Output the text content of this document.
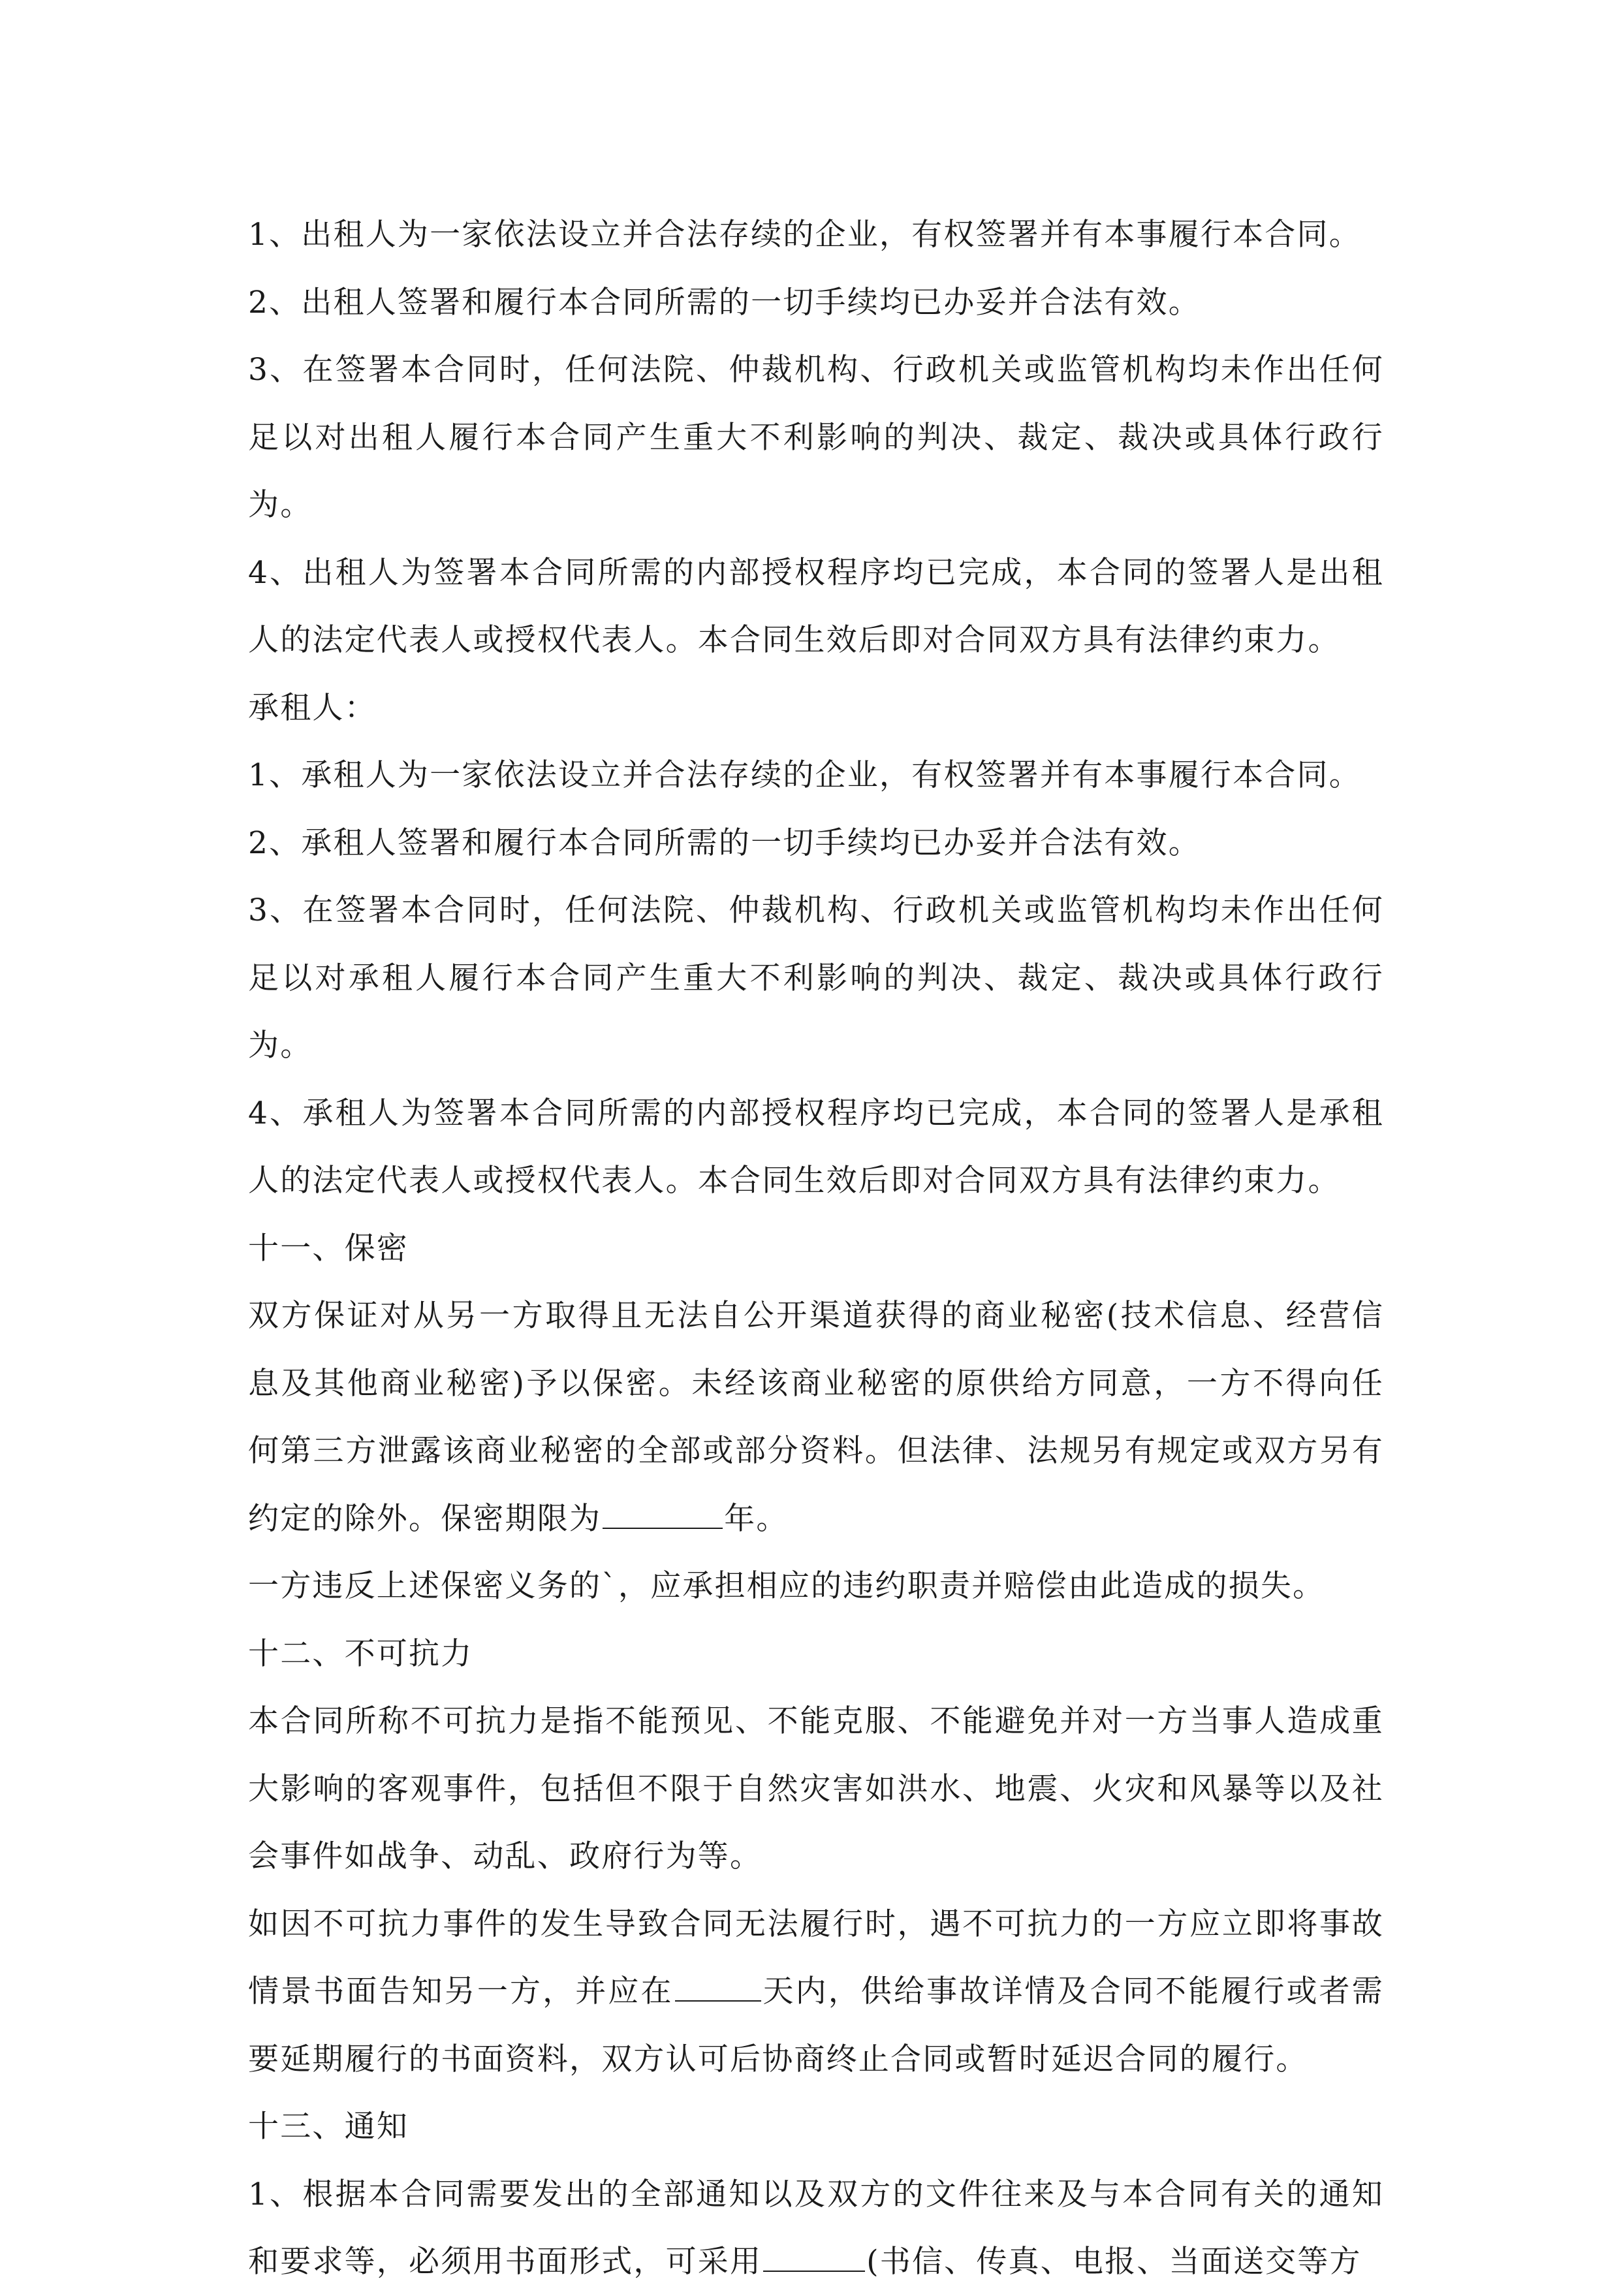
1、出租人为一家依法设立并合法存续的企业，有权签署并有本事履行本合同。

2、出租人签署和履行本合同所需的一切手续均已办妥并合法有效。

3、在签署本合同时，任何法院、仲裁机构、行政机关或监管机构均未作出任何足以对出租人履行本合同产生重大不利影响的判决、裁定、裁决或具体行政行为。

4、出租人为签署本合同所需的内部授权程序均已完成，本合同的签署人是出租人的法定代表人或授权代表人。本合同生效后即对合同双方具有法律约束力。

承租人：

1、承租人为一家依法设立并合法存续的企业，有权签署并有本事履行本合同。

2、承租人签署和履行本合同所需的一切手续均已办妥并合法有效。

3、在签署本合同时，任何法院、仲裁机构、行政机关或监管机构均未作出任何足以对承租人履行本合同产生重大不利影响的判决、裁定、裁决或具体行政行为。

4、承租人为签署本合同所需的内部授权程序均已完成，本合同的签署人是承租人的法定代表人或授权代表人。本合同生效后即对合同双方具有法律约束力。

十一、保密

双方保证对从另一方取得且无法自公开渠道获得的商业秘密(技术信息、经营信息及其他商业秘密)予以保密。未经该商业秘密的原供给方同意，一方不得向任何第三方泄露该商业秘密的全部或部分资料。但法律、法规另有规定或双方另有约定的除外。保密期限为	年。

一方违反上述保密义务的`，应承担相应的违约职责并赔偿由此造成的损失。

十二、不可抗力

本合同所称不可抗力是指不能预见、不能克服、不能避免并对一方当事人造成重大影响的客观事件，包括但不限于自然灾害如洪水、地震、火灾和风暴等以及社会事件如战争、动乱、政府行为等。

如因不可抗力事件的发生导致合同无法履行时，遇不可抗力的一方应立即将事故情景书面告知另一方，并应在	天内，供给事故详情及合同不能履行或者需要延期履行的书面资料，双方认可后协商终止合同或暂时延迟合同的履行。

十三、通知

1、根据本合同需要发出的全部通知以及双方的文件往来及与本合同有关的通知和要求等，必须用书面形式，可采用	(书信、传真、电报、当面送交等方
